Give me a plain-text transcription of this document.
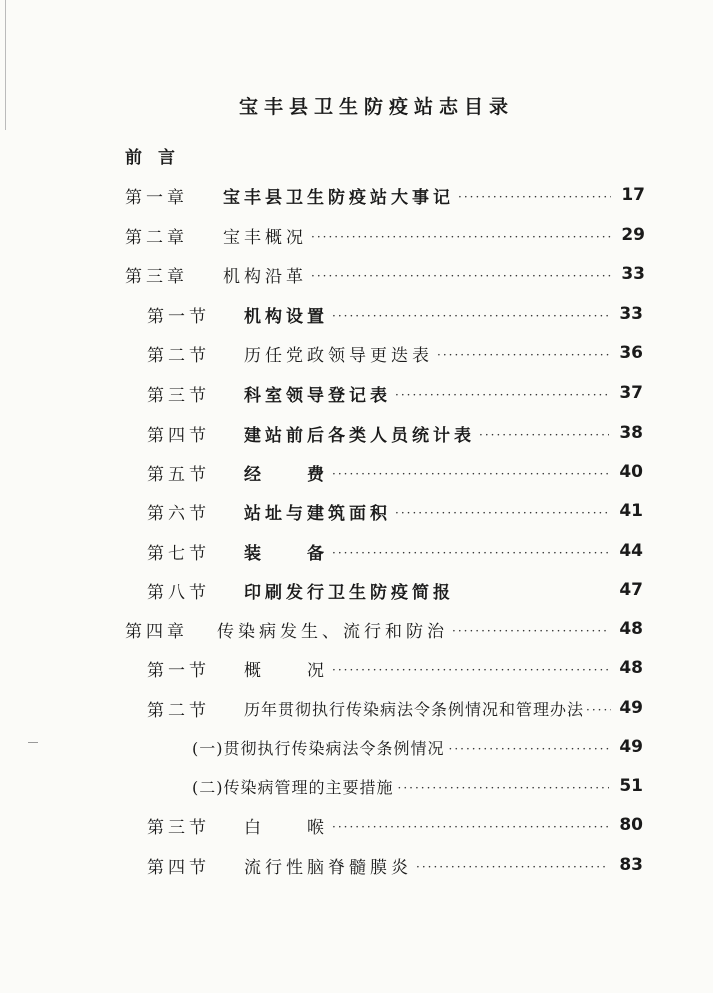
宝丰县卫生防疫站志目录
前言
第一章	宝丰县卫生防疫站大事记 ·····	17
第二章	宝丰概况 ·····	29
第三章	机构沿革 ·····	33
第一节	机构设置 ·····	33
第二节	历任党政领导更迭表 ·····	36
第三节	科室领导登记表 ·····	37
第四节	建站前后各类人员统计表 ·····	38
第五节	经　　费 ·····	40
第六节	站址与建筑面积 ·····	41
第七节	装　　备 ·····	44
第八节	印刷发行卫生防疫简报	47
第四章	传染病发生、流行和防治 ·····	48
第一节	概　　况 ·····	48
第二节	历年贯彻执行传染病法令条例情况和管理办法 ·····	49
(一)贯彻执行传染病法令条例情况 ·····	49
(二)传染病管理的主要措施 ·····	51
第三节	白　　喉 ·····	80
第四节	流行性脑脊髓膜炎 ·····	83
